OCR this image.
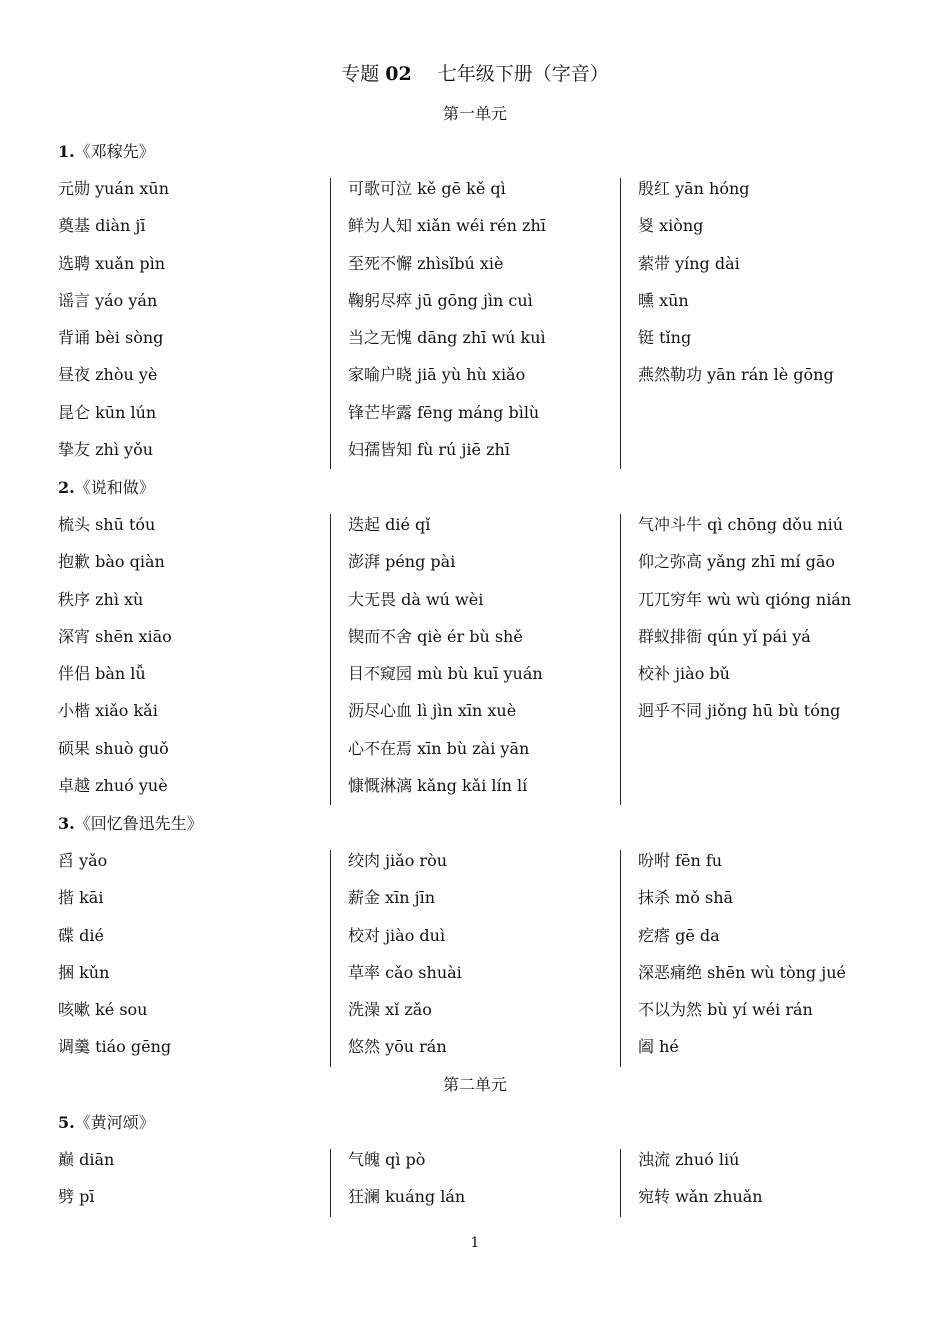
专题 02 七年级下册（字音）
第一单元
1.《邓稼先》
元勋 yuán xūn
奠基 diàn jī
选聘 xuǎn pìn
谣言 yáo yán
背诵 bèi sòng
昼夜 zhòu yè
昆仑 kūn lún
挚友 zhì yǒu
可歌可泣 kě gē kě qì
鲜为人知 xiǎn wéi rén zhī
至死不懈 zhìsǐbú xiè
鞠躬尽瘁 jū gōng jìn cuì
当之无愧 dāng zhī wú kuì
家喻户晓 jiā yù hù xiǎo
锋芒毕露 fēng máng bìlù
妇孺皆知 fù rú jiē zhī
殷红 yān hóng
㚇 xiòng
萦带 yíng dài
曛 xūn
铤 tǐng
燕然勒功 yān rán lè gōng
2.《说和做》
梳头 shū tóu
抱歉 bào qiàn
秩序 zhì xù
深宵 shēn xiāo
伴侣 bàn lǚ
小楷 xiǎo kǎi
硕果 shuò guǒ
卓越 zhuó yuè
迭起 dié qǐ
澎湃 péng pài
大无畏 dà wú wèi
锲而不舍 qiè ér bù shě
目不窥园 mù bù kuī yuán
沥尽心血 lì jìn xīn xuè
心不在焉 xīn bù zài yān
慷慨淋漓 kǎng kǎi lín lí
气冲斗牛 qì chōng dǒu niú
仰之弥高 yǎng zhī mí gāo
兀兀穷年 wù wù qióng nián
群蚁排衙 qún yǐ pái yá
校补 jiào bǔ
迥乎不同 jiǒng hū bù tóng
3.《回忆鲁迅先生》
舀 yǎo
揩 kāi
碟 dié
捆 kǔn
咳嗽 ké sou
调羹 tiáo gēng
绞肉 jiǎo ròu
薪金 xīn jīn
校对 jiào duì
草率 cǎo shuài
洗澡 xǐ zǎo
悠然 yōu rán
吩咐 fēn fu
抹杀 mǒ shā
疙瘩 gē da
深恶痛绝 shēn wù tòng jué
不以为然 bù yí wéi rán
阖 hé
第二单元
5.《黄河颂》
巅 diān
劈 pī
气魄 qì pò
狂澜 kuáng lán
浊流 zhuó liú
宛转 wǎn zhuǎn
1
